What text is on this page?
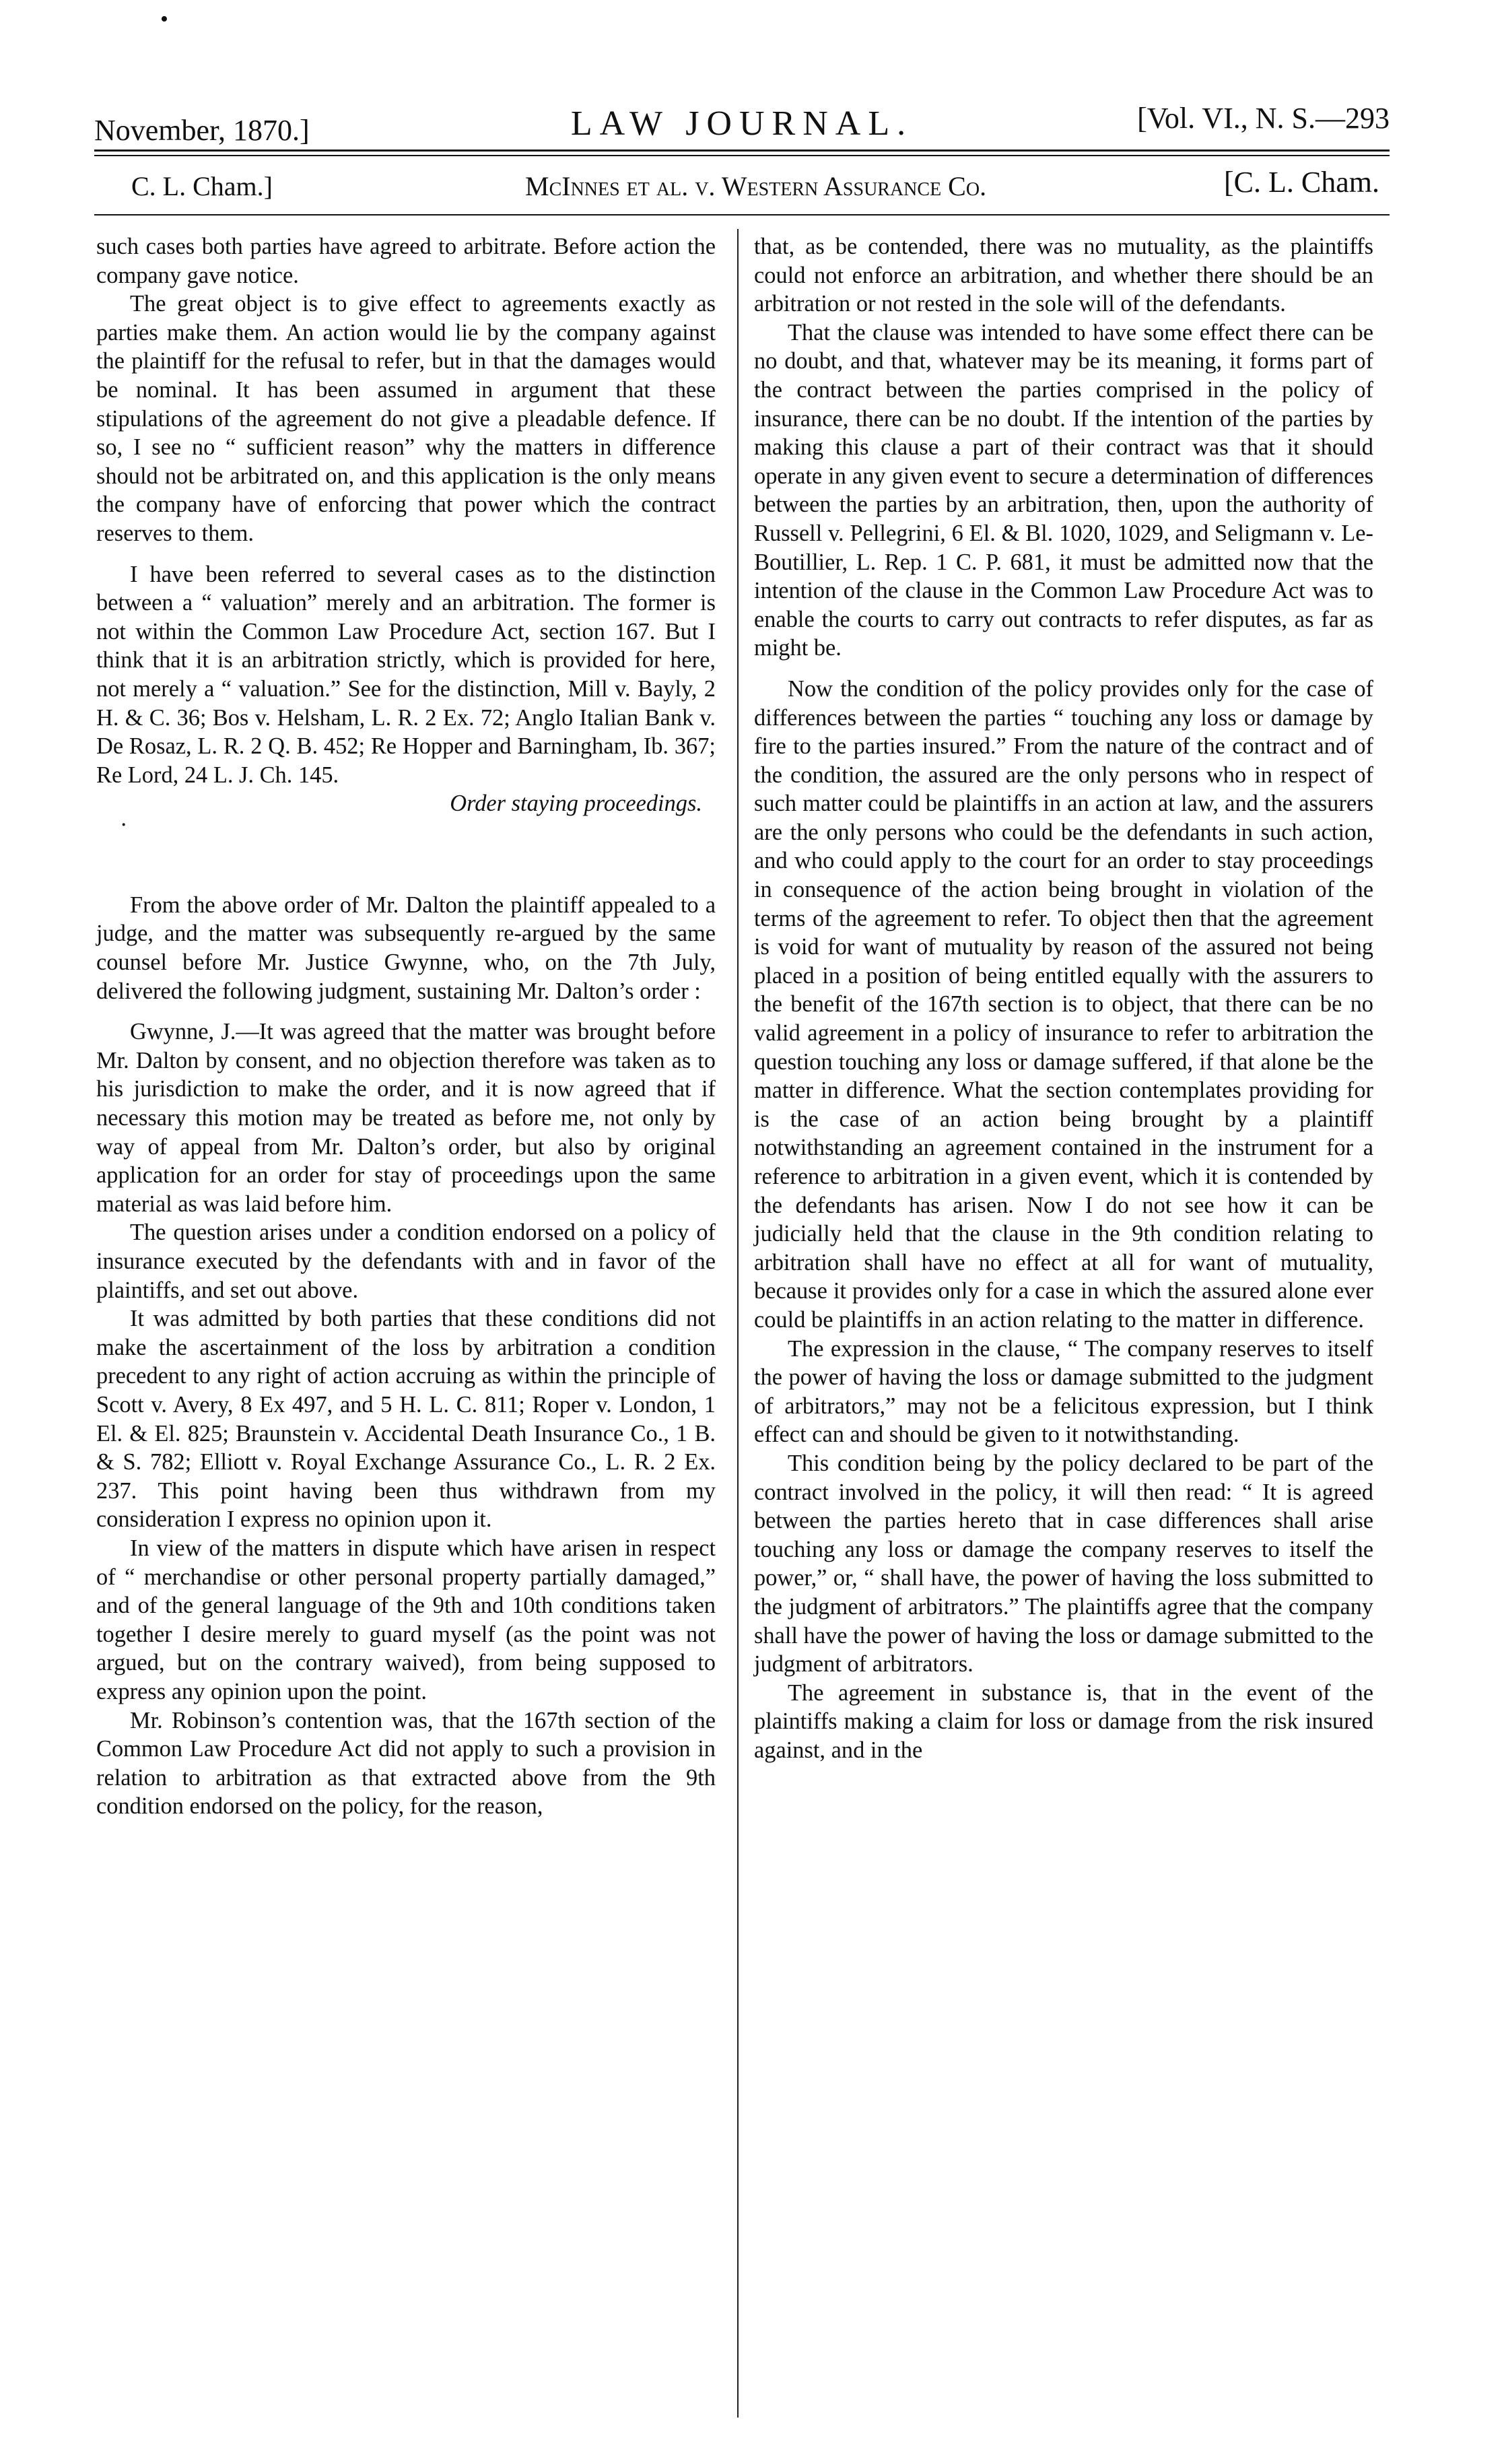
•
November, 1870.]	LAW JOURNAL.	[Vol. VI., N. S.—293
C. L. Cham.]	McInnes et al. v. Western Assurance Co.	[C. L. Cham.

such cases both parties have agreed to arbitrate. Before action the company gave notice.

The great object is to give effect to agreements exactly as parties make them. An action would lie by the company against the plaintiff for the refusal to refer, but in that the damages would be nominal. It has been assumed in argument that these stipulations of the agreement do not give a pleadable defence. If so, I see no “ sufficient reason” why the matters in difference should not be arbitrated on, and this application is the only means the company have of enforcing that power which the contract reserves to them.

I have been referred to several cases as to the distinction between a “ valuation” merely and an arbitration. The former is not within the Common Law Procedure Act, section 167. But I think that it is an arbitration strictly, which is provided for here, not merely a “ valuation.” See for the distinction, Mill v. Bayly, 2 H. & C. 36; Bos v. Helsham, L. R. 2 Ex. 72; Anglo Italian Bank v. De Rosaz, L. R. 2 Q. B. 452; Re Hopper and Barningham, Ib. 367; Re Lord, 24 L. J. Ch. 145.

Order staying proceedings.

·

From the above order of Mr. Dalton the plaintiff appealed to a judge, and the matter was subsequently re-argued by the same counsel before Mr. Justice Gwynne, who, on the 7th July, delivered the following judgment, sustaining Mr. Dalton’s order :

Gwynne, J.—It was agreed that the matter was brought before Mr. Dalton by consent, and no objection therefore was taken as to his jurisdiction to make the order, and it is now agreed that if necessary this motion may be treated as before me, not only by way of appeal from Mr. Dalton’s order, but also by original application for an order for stay of proceedings upon the same material as was laid before him.

The question arises under a condition endorsed on a policy of insurance executed by the defendants with and in favor of the plaintiffs, and set out above.

It was admitted by both parties that these conditions did not make the ascertainment of the loss by arbitration a condition precedent to any right of action accruing as within the principle of Scott v. Avery, 8 Ex 497, and 5 H. L. C. 811; Roper v. London, 1 El. & El. 825; Braunstein v. Accidental Death Insurance Co., 1 B. & S. 782; Elliott v. Royal Exchange Assurance Co., L. R. 2 Ex. 237. This point having been thus withdrawn from my consideration I express no opinion upon it.

In view of the matters in dispute which have arisen in respect of “ merchandise or other personal property partially damaged,” and of the general language of the 9th and 10th conditions taken together I desire merely to guard myself (as the point was not argued, but on the contrary waived), from being supposed to express any opinion upon the point.

Mr. Robinson’s contention was, that the 167th section of the Common Law Procedure Act did not apply to such a provision in relation to arbitration as that extracted above from the 9th condition endorsed on the policy, for the reason,

that, as be contended, there was no mutuality, as the plaintiffs could not enforce an arbitration, and whether there should be an arbitration or not rested in the sole will of the defendants.

That the clause was intended to have some effect there can be no doubt, and that, whatever may be its meaning, it forms part of the contract between the parties comprised in the policy of insurance, there can be no doubt. If the intention of the parties by making this clause a part of their contract was that it should operate in any given event to secure a determination of differences between the parties by an arbitration, then, upon the authority of Russell v. Pellegrini, 6 El. & Bl. 1020, 1029, and Seligmann v. Le-Boutillier, L. Rep. 1 C. P. 681, it must be admitted now that the intention of the clause in the Common Law Procedure Act was to enable the courts to carry out contracts to refer disputes, as far as might be.

Now the condition of the policy provides only for the case of differences between the parties “ touching any loss or damage by fire to the parties insured.” From the nature of the contract and of the condition, the assured are the only persons who in respect of such matter could be plaintiffs in an action at law, and the assurers are the only persons who could be the defendants in such action, and who could apply to the court for an order to stay proceedings in consequence of the action being brought in violation of the terms of the agreement to refer. To object then that the agreement is void for want of mutuality by reason of the assured not being placed in a position of being entitled equally with the assurers to the benefit of the 167th section is to object, that there can be no valid agreement in a policy of insurance to refer to arbitration the question touching any loss or damage suffered, if that alone be the matter in difference. What the section contemplates providing for is the case of an action being brought by a plaintiff notwithstanding an agreement contained in the instrument for a reference to arbitration in a given event, which it is contended by the defendants has arisen. Now I do not see how it can be judicially held that the clause in the 9th condition relating to arbitration shall have no effect at all for want of mutuality, because it provides only for a case in which the assured alone ever could be plaintiffs in an action relating to the matter in difference.

The expression in the clause, “ The company reserves to itself the power of having the loss or damage submitted to the judgment of arbitrators,” may not be a felicitous expression, but I think effect can and should be given to it notwithstanding.

This condition being by the policy declared to be part of the contract involved in the policy, it will then read: “ It is agreed between the parties hereto that in case differences shall arise touching any loss or damage the company reserves to itself the power,” or, “ shall have, the power of having the loss submitted to the judgment of arbitrators.” The plaintiffs agree that the company shall have the power of having the loss or damage submitted to the judgment of arbitrators.

The agreement in substance is, that in the event of the plaintiffs making a claim for loss or damage from the risk insured against, and in the
